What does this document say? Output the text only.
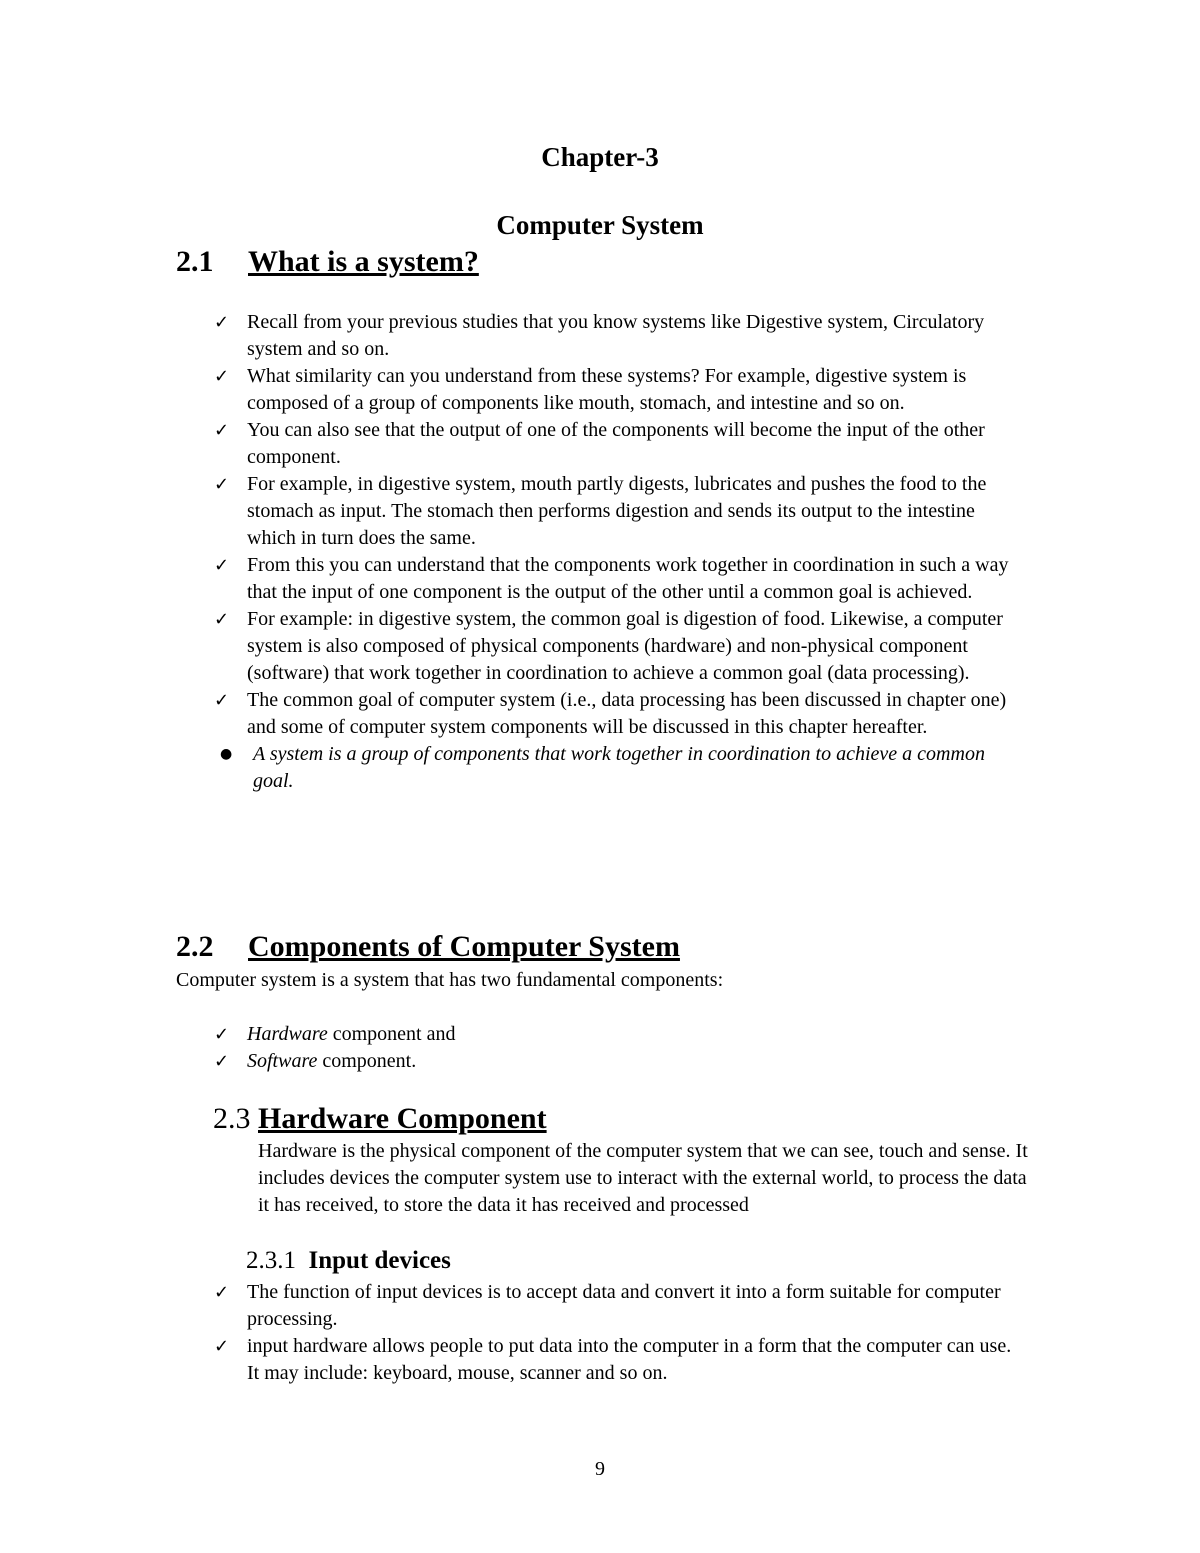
Chapter-3
Computer System
2.1 What is a system?
✓ Recall from your previous studies that you know systems like Digestive system, Circulatory system and so on.
✓ What similarity can you understand from these systems? For example, digestive system is composed of a group of components like mouth, stomach, and intestine and so on.
✓ You can also see that the output of one of the components will become the input of the other component.
✓ For example, in digestive system, mouth partly digests, lubricates and pushes the food to the stomach as input. The stomach then performs digestion and sends its output to the intestine which in turn does the same.
✓ From this you can understand that the components work together in coordination in such a way that the input of one component is the output of the other until a common goal is achieved.
✓ For example: in digestive system, the common goal is digestion of food. Likewise, a computer system is also composed of physical components (hardware) and non-physical component (software) that work together in coordination to achieve a common goal (data processing).
✓ The common goal of computer system (i.e., data processing has been discussed in chapter one) and some of computer system components will be discussed in this chapter hereafter.
●	A system is a group of components that work together in coordination to achieve a common goal.
2.2 Components of Computer System
Computer system is a system that has two fundamental components:
✓ Hardware component and
✓ Software component.
2.3 Hardware Component
Hardware is the physical component of the computer system that we can see, touch and sense. It includes devices the computer system use to interact with the external world, to process the data it has received, to store the data it has received and processed
2.3.1 Input devices
✓ The function of input devices is to accept data and convert it into a form suitable for computer processing.
✓ input hardware allows people to put data into the computer in a form that the computer can use. It may include: keyboard, mouse, scanner and so on.
9
